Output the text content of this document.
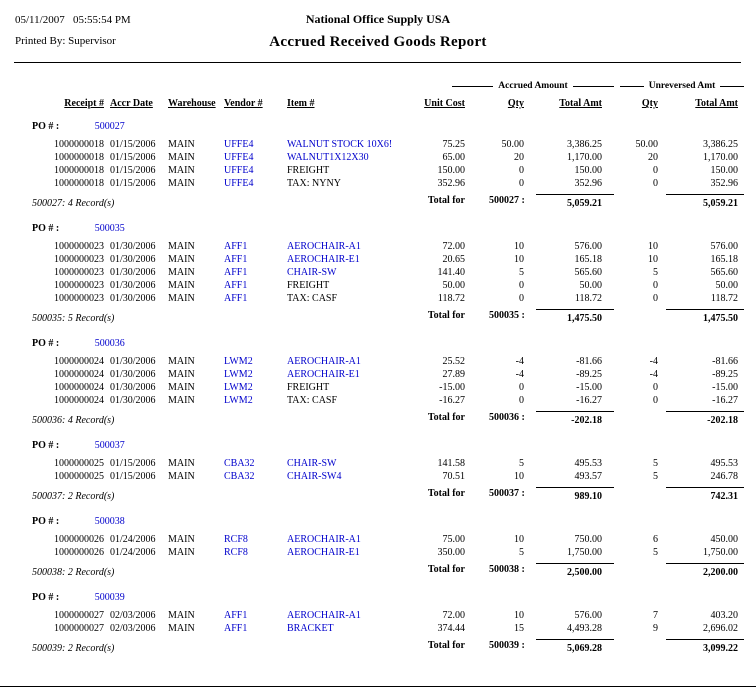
05/11/2007   05:55:54 PM
Printed By: Supervisor
National Office Supply USA
Accrued Received Goods Report
Accrued Amount	Unreversed Amt
Receipt # Accr Date	Warehouse Vendor #	Item #	Unit Cost	Qty	Total Amt	Qty	Total Amt
PO # :	500027
1000000018 01/15/2006	MAIN	UFFE4	WALNUT STOCK 10X6!	75.25	50.00	3,386.25	50.00	3,386.25
1000000018 01/15/2006	MAIN	UFFE4	WALNUT1X12X30	65.00	20	1,170.00	20	1,170.00
1000000018 01/15/2006	MAIN	UFFE4	FREIGHT	150.00	0	150.00	0	150.00
1000000018 01/15/2006	MAIN	UFFE4	TAX: NYNY	352.96	0	352.96	0	352.96
500027: 4 Record(s)	Total for	500027 :	5,059.21	5,059.21
PO # :	500035
1000000023 01/30/2006	MAIN	AFF1	AEROCHAIR-A1	72.00	10	576.00	10	576.00
1000000023 01/30/2006	MAIN	AFF1	AEROCHAIR-E1	20.65	10	165.18	10	165.18
1000000023 01/30/2006	MAIN	AFF1	CHAIR-SW	141.40	5	565.60	5	565.60
1000000023 01/30/2006	MAIN	AFF1	FREIGHT	50.00	0	50.00	0	50.00
1000000023 01/30/2006	MAIN	AFF1	TAX: CASF	118.72	0	118.72	0	118.72
500035: 5 Record(s)	Total for	500035 :	1,475.50	1,475.50
PO # :	500036
1000000024 01/30/2006	MAIN	LWM2	AEROCHAIR-A1	25.52	-4	-81.66	-4	-81.66
1000000024 01/30/2006	MAIN	LWM2	AEROCHAIR-E1	27.89	-4	-89.25	-4	-89.25
1000000024 01/30/2006	MAIN	LWM2	FREIGHT	-15.00	0	-15.00	0	-15.00
1000000024 01/30/2006	MAIN	LWM2	TAX: CASF	-16.27	0	-16.27	0	-16.27
500036: 4 Record(s)	Total for	500036 :	-202.18	-202.18
PO # :	500037
1000000025 01/15/2006	MAIN	CBA32	CHAIR-SW	141.58	5	495.53	5	495.53
1000000025 01/15/2006	MAIN	CBA32	CHAIR-SW4	70.51	10	493.57	5	246.78
500037: 2 Record(s)	Total for	500037 :	989.10	742.31
PO # :	500038
1000000026 01/24/2006	MAIN	RCF8	AEROCHAIR-A1	75.00	10	750.00	6	450.00
1000000026 01/24/2006	MAIN	RCF8	AEROCHAIR-E1	350.00	5	1,750.00	5	1,750.00
500038: 2 Record(s)	Total for	500038 :	2,500.00	2,200.00
PO # :	500039
1000000027 02/03/2006	MAIN	AFF1	AEROCHAIR-A1	72.00	10	576.00	7	403.20
1000000027 02/03/2006	MAIN	AFF1	BRACKET	374.44	15	4,493.28	9	2,696.02
500039: 2 Record(s)	Total for	500039 :	5,069.28	3,099.22
